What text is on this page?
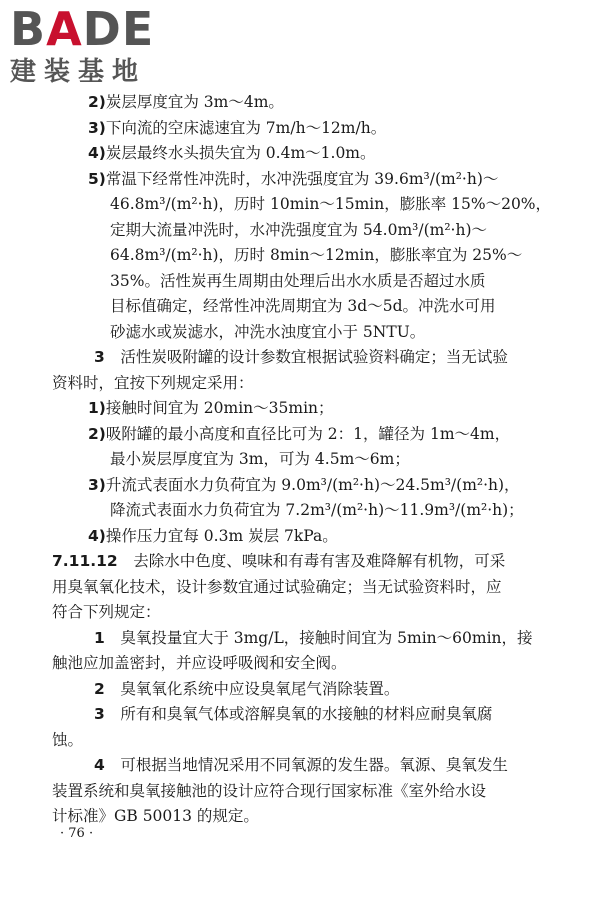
BADE
建装基地
2)炭层厚度宜为 3m～4m。
3)下向流的空床滤速宜为 7m/h～12m/h。
4)炭层最终水头损失宜为 0.4m～1.0m。
5)常温下经常性冲洗时，水冲洗强度宜为 39.6m³/(m²·h)～
46.8m³/(m²·h)，历时 10min～15min，膨胀率 15%～20%，
定期大流量冲洗时，水冲洗强度宜为 54.0m³/(m²·h)～
64.8m³/(m²·h)，历时 8min～12min，膨胀率宜为 25%～
35%。活性炭再生周期由处理后出水水质是否超过水质
目标值确定，经常性冲洗周期宜为 3d～5d。冲洗水可用
砂滤水或炭滤水，冲洗水浊度宜小于 5NTU。
3　 活性炭吸附罐的设计参数宜根据试验资料确定；当无试验
资料时，宜按下列规定采用：
1)接触时间宜为 20min～35min；
2)吸附罐的最小高度和直径比可为 2：1，罐径为 1m～4m，
最小炭层厚度宜为 3m，可为 4.5m～6m；
3)升流式表面水力负荷宜为 9.0m³/(m²·h)～24.5m³/(m²·h)，
降流式表面水力负荷宜为 7.2m³/(m²·h)～11.9m³/(m²·h)；
4)操作压力宜每 0.3m 炭层 7kPa。
7.11.12　 去除水中色度、嗅味和有毒有害及难降解有机物，可采
用臭氧氧化技术，设计参数宜通过试验确定；当无试验资料时，应
符合下列规定：
1　 臭氧投量宜大于 3mg/L，接触时间宜为 5min～60min，接
触池应加盖密封，并应设呼吸阀和安全阀。
2　 臭氧氧化系统中应设臭氧尾气消除装置。
3　 所有和臭氧气体或溶解臭氧的水接触的材料应耐臭氧腐
蚀。
4　 可根据当地情况采用不同氧源的发生器。氧源、臭氧发生
装置系统和臭氧接触池的设计应符合现行国家标准《室外给水设
计标准》GB 50013 的规定。
· 76 ·
